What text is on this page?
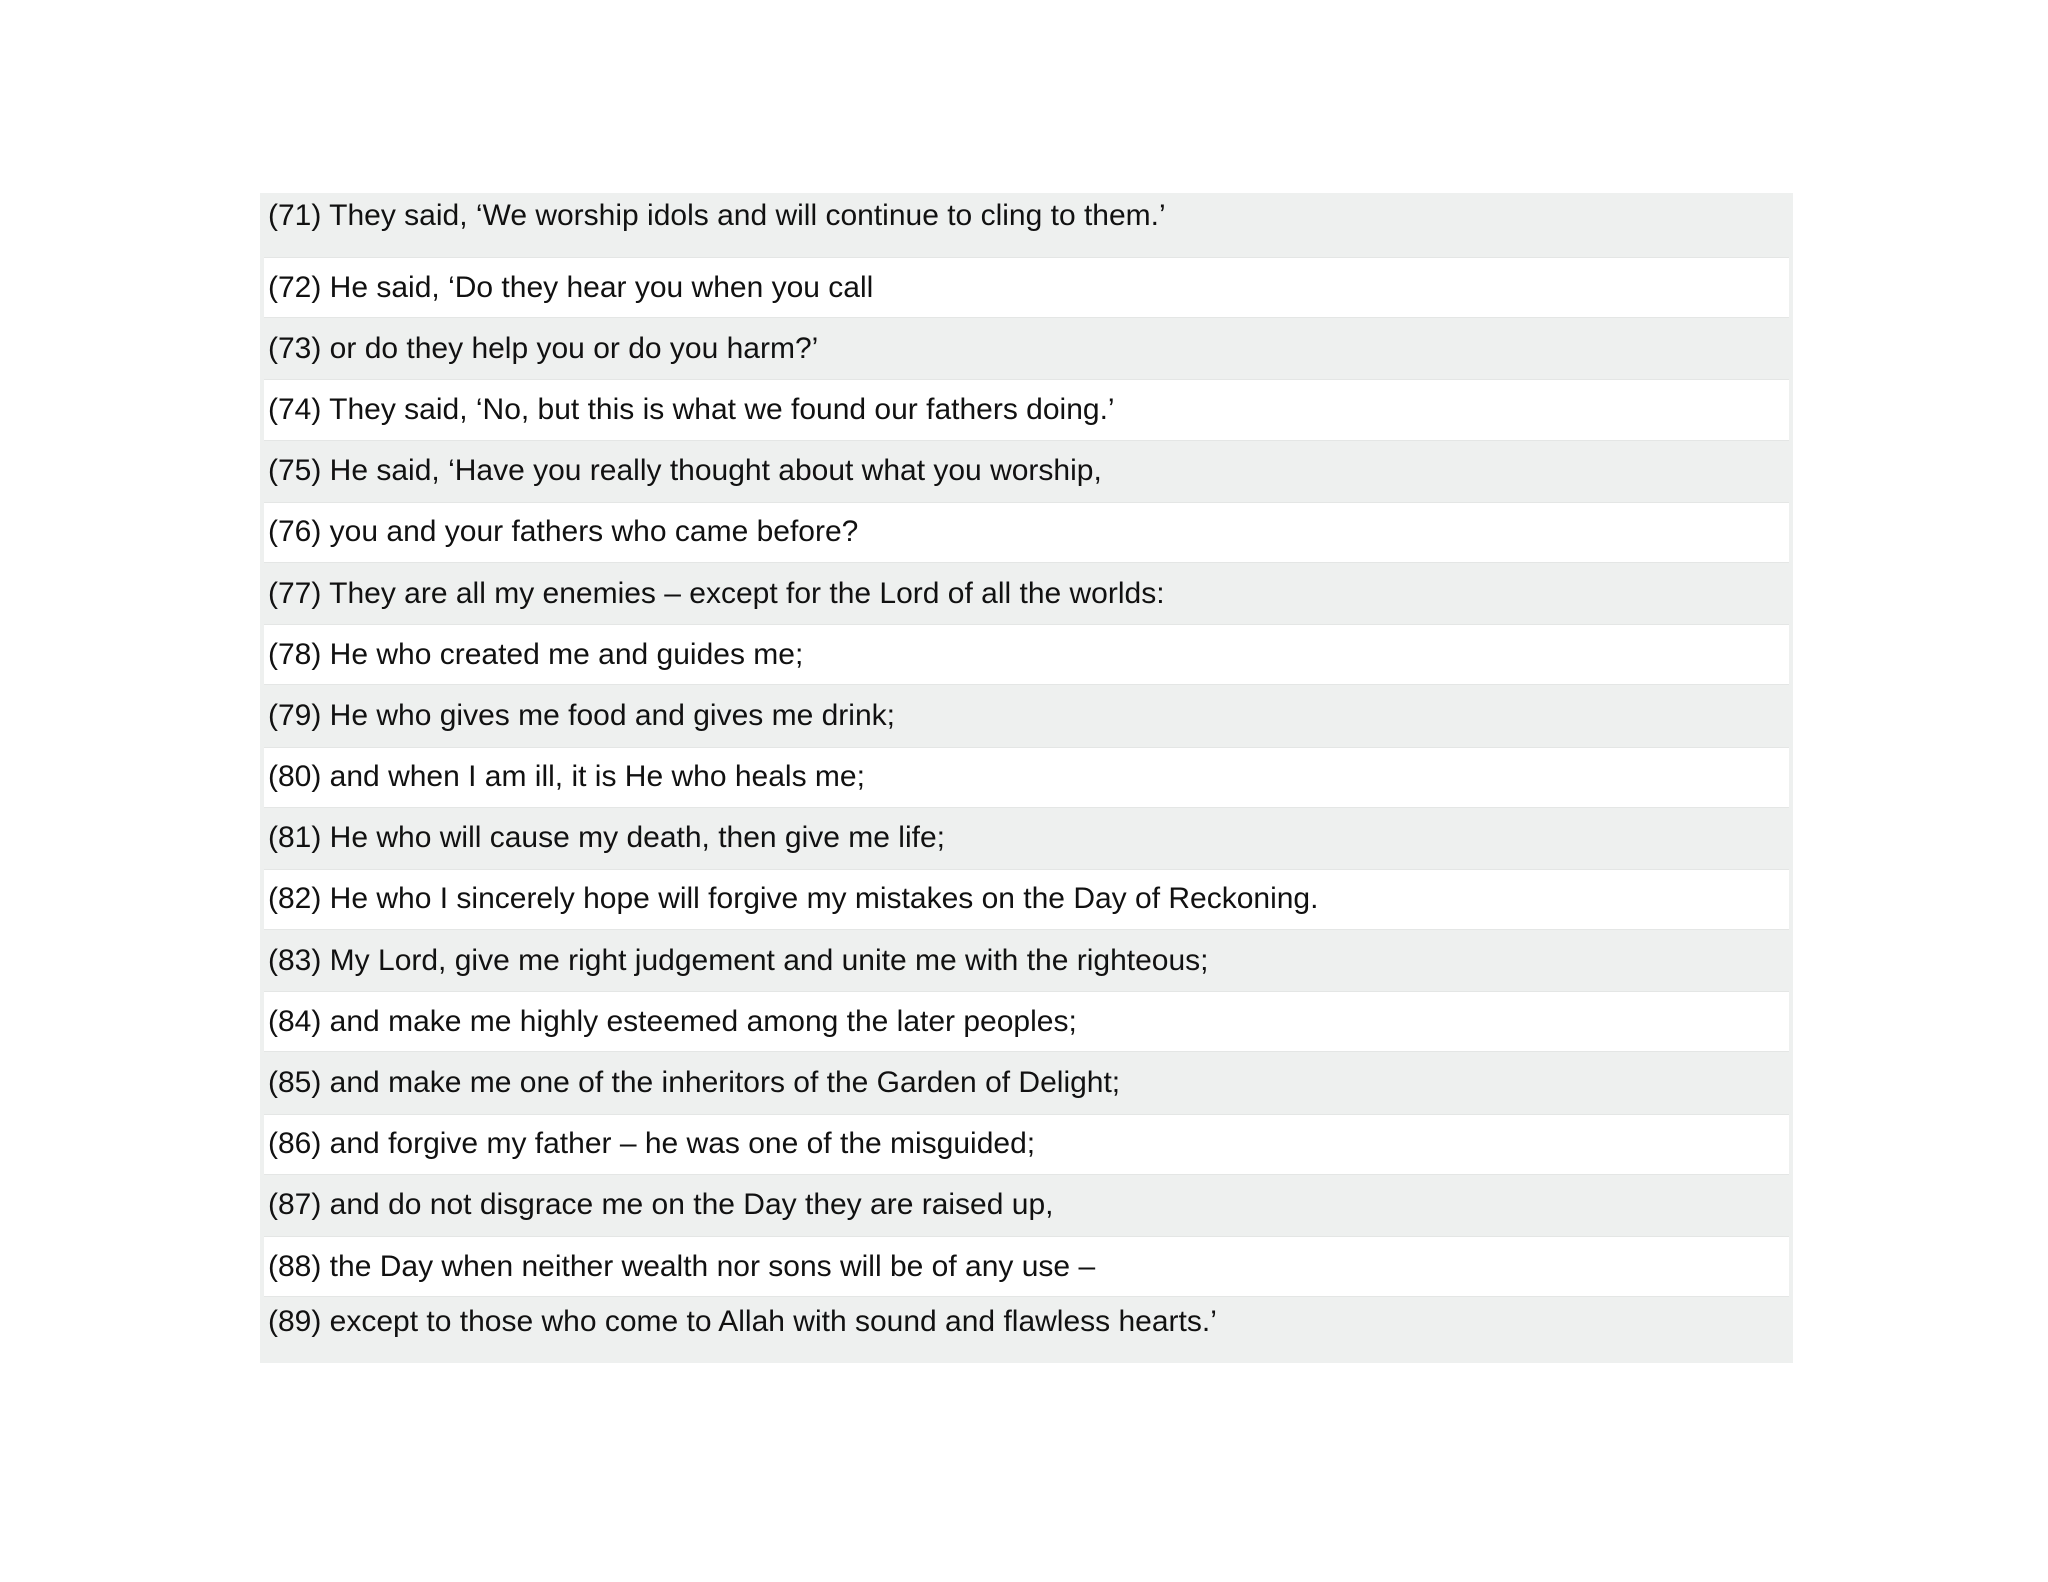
(71) They said, ‘We worship idols and will continue to cling to them.’
(72) He said, ‘Do they hear you when you call
(73) or do they help you or do you harm?’
(74) They said, ‘No, but this is what we found our fathers doing.’
(75) He said, ‘Have you really thought about what you worship,
(76) you and your fathers who came before?
(77) They are all my enemies – except for the Lord of all the worlds:
(78) He who created me and guides me;
(79) He who gives me food and gives me drink;
(80) and when I am ill, it is He who heals me;
(81) He who will cause my death, then give me life;
(82) He who I sincerely hope will forgive my mistakes on the Day of Reckoning.
(83) My Lord, give me right judgement and unite me with the righteous;
(84) and make me highly esteemed among the later peoples;
(85) and make me one of the inheritors of the Garden of Delight;
(86) and forgive my father – he was one of the misguided;
(87) and do not disgrace me on the Day they are raised up,
(88) the Day when neither wealth nor sons will be of any use –
(89) except to those who come to Allah with sound and flawless hearts.’
